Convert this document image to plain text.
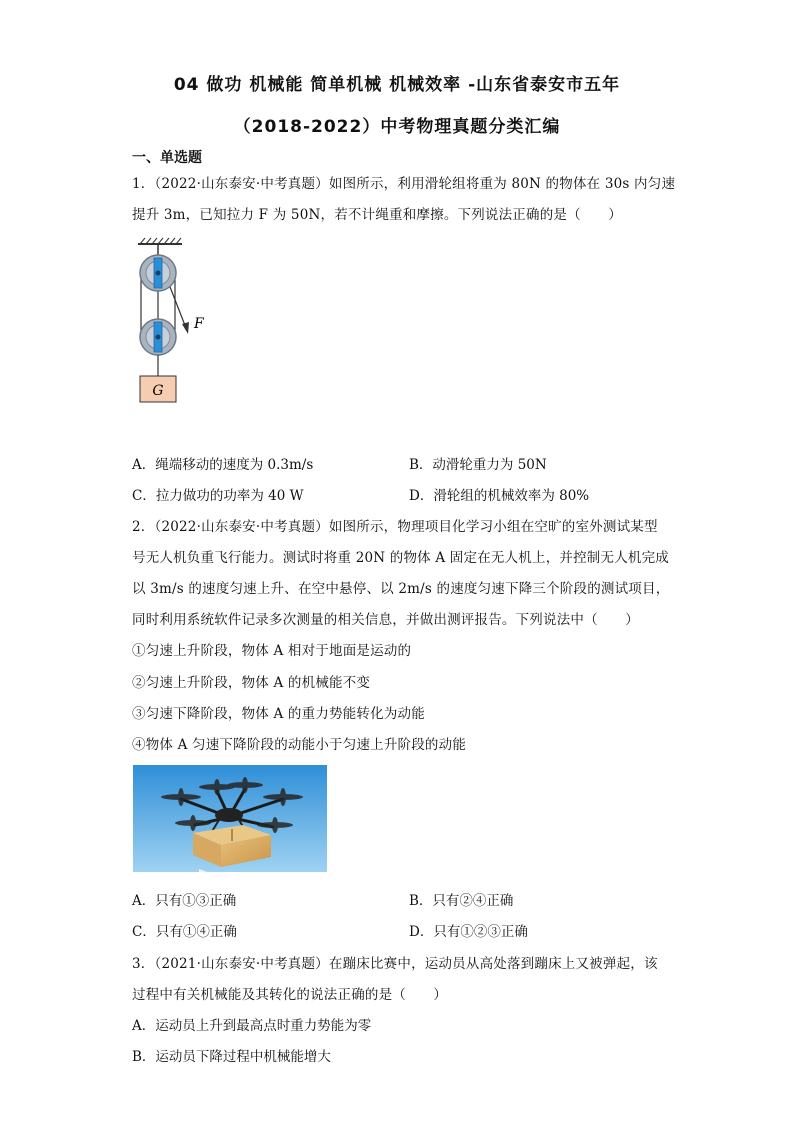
04 做功 机械能 简单机械 机械效率 -山东省泰安市五年
（2018-2022）中考物理真题分类汇编
一、单选题
1．（2022·山东泰安·中考真题）如图所示，利用滑轮组将重为 80N 的物体在 30s 内匀速
提升 3m，已知拉力 F 为 50N，若不计绳重和摩擦。下列说法正确的是（　　）
G
F
A．绳端移动的速度为 0.3m/s	B．动滑轮重力为 50N
C．拉力做功的功率为 40 W	D．滑轮组的机械效率为 80%
2．（2022·山东泰安·中考真题）如图所示，物理项目化学习小组在空旷的室外测试某型
号无人机负重飞行能力。测试时将重 20N 的物体 A 固定在无人机上，并控制无人机完成
以 3m/s 的速度匀速上升、在空中悬停、以 2m/s 的速度匀速下降三个阶段的测试项目，
同时利用系统软件记录多次测量的相关信息，并做出测评报告。下列说法中（　　）
①匀速上升阶段，物体 A 相对于地面是运动的
②匀速上升阶段，物体 A 的机械能不变
③匀速下降阶段，物体 A 的重力势能转化为动能
④物体 A 匀速下降阶段的动能小于匀速上升阶段的动能
A．只有①③正确	B．只有②④正确
C．只有①④正确	D．只有①②③正确
3．（2021·山东泰安·中考真题）在蹦床比赛中，运动员从高处落到蹦床上又被弹起，该
过程中有关机械能及其转化的说法正确的是（　　）
A．运动员上升到最高点时重力势能为零
B．运动员下降过程中机械能增大
